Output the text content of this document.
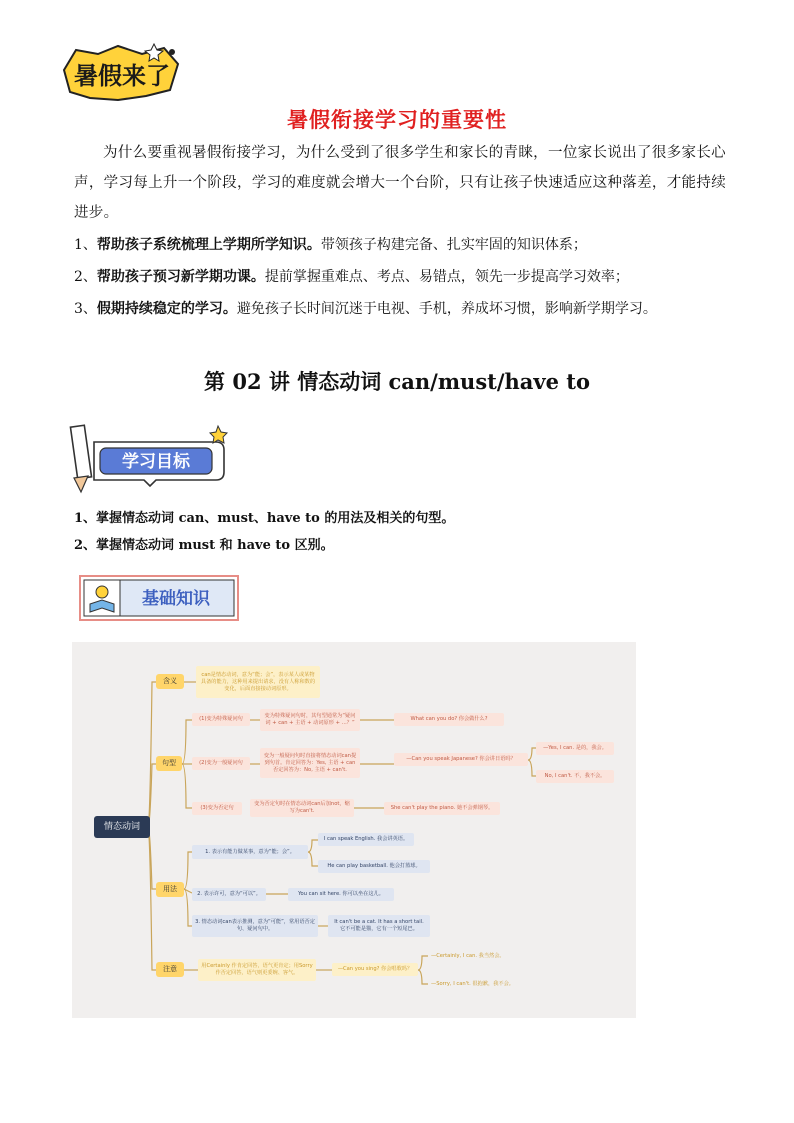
暑假来了
暑假衔接学习的重要性
为什么要重视暑假衔接学习，为什么受到了很多学生和家长的青睐，一位家长说出了很多家长心声，学习每上升一个阶段，学习的难度就会增大一个台阶，只有让孩子快速适应这种落差，才能持续进步。
1、帮助孩子系统梳理上学期所学知识。带领孩子构建完备、扎实牢固的知识体系；
2、帮助孩子预习新学期功课。提前掌握重难点、考点、易错点，领先一步提高学习效率；
3、假期持续稳定的学习。避免孩子长时间沉迷于电视、手机，养成坏习惯，影响新学期学习。
第 02 讲 情态动词 can/must/have to
学习目标
1、掌握情态动词 can、must、have to 的用法及相关的句型。
2、掌握情态动词 must 和 have to 区别。
基础知识
情态动词
含义
can是情态动词，意为“能；会”，表示某人或某物具备的能力，这种用来提出请求，没有人称和数的变化，后面直接接动词原形。
句型
(1)变为特殊疑问句	变为特殊疑问句时，其句型通常为“疑问词 + can + 主语 + 动词原形 + …？”
What can you do? 你会做什么?
(2)变为一般疑问句
变为一般疑问句时直接将情态动词can提到句首。肯定回答为：Yes, 主语 + can 否定回答为：No, 主语 + can't.
—Can you speak Japanese? 你会讲日语吗？
—Yes, I can. 是的，我会。
No, I can't. 不，我不会。
(3)变为否定句
变为否定句时在情态动词can后加not，缩写为can't.	She can't play the piano. 她不会弹钢琴。
用法
1. 表示有能力做某事，意为“能；会”。
I can speak English. 我会讲英语。
He can play basketball. 他会打篮球。
2. 表示许可，意为“可以”。	You can sit here. 你可以坐在这儿。
3. 情态动词can表示推测，意为“可能”，常用语否定句、疑问句中。
It can't be a cat. It has a short tail. 它不可能是猫，它有一个短尾巴。
注意	用Certainly 作肯定回答，语气更肯定；用Sorry作否定回答，语气则更委婉、客气。
—Can you sing? 你会唱歌吗？
—Certainly, I can. 我当然会。
—Sorry, I can't. 很抱歉，我不会。
